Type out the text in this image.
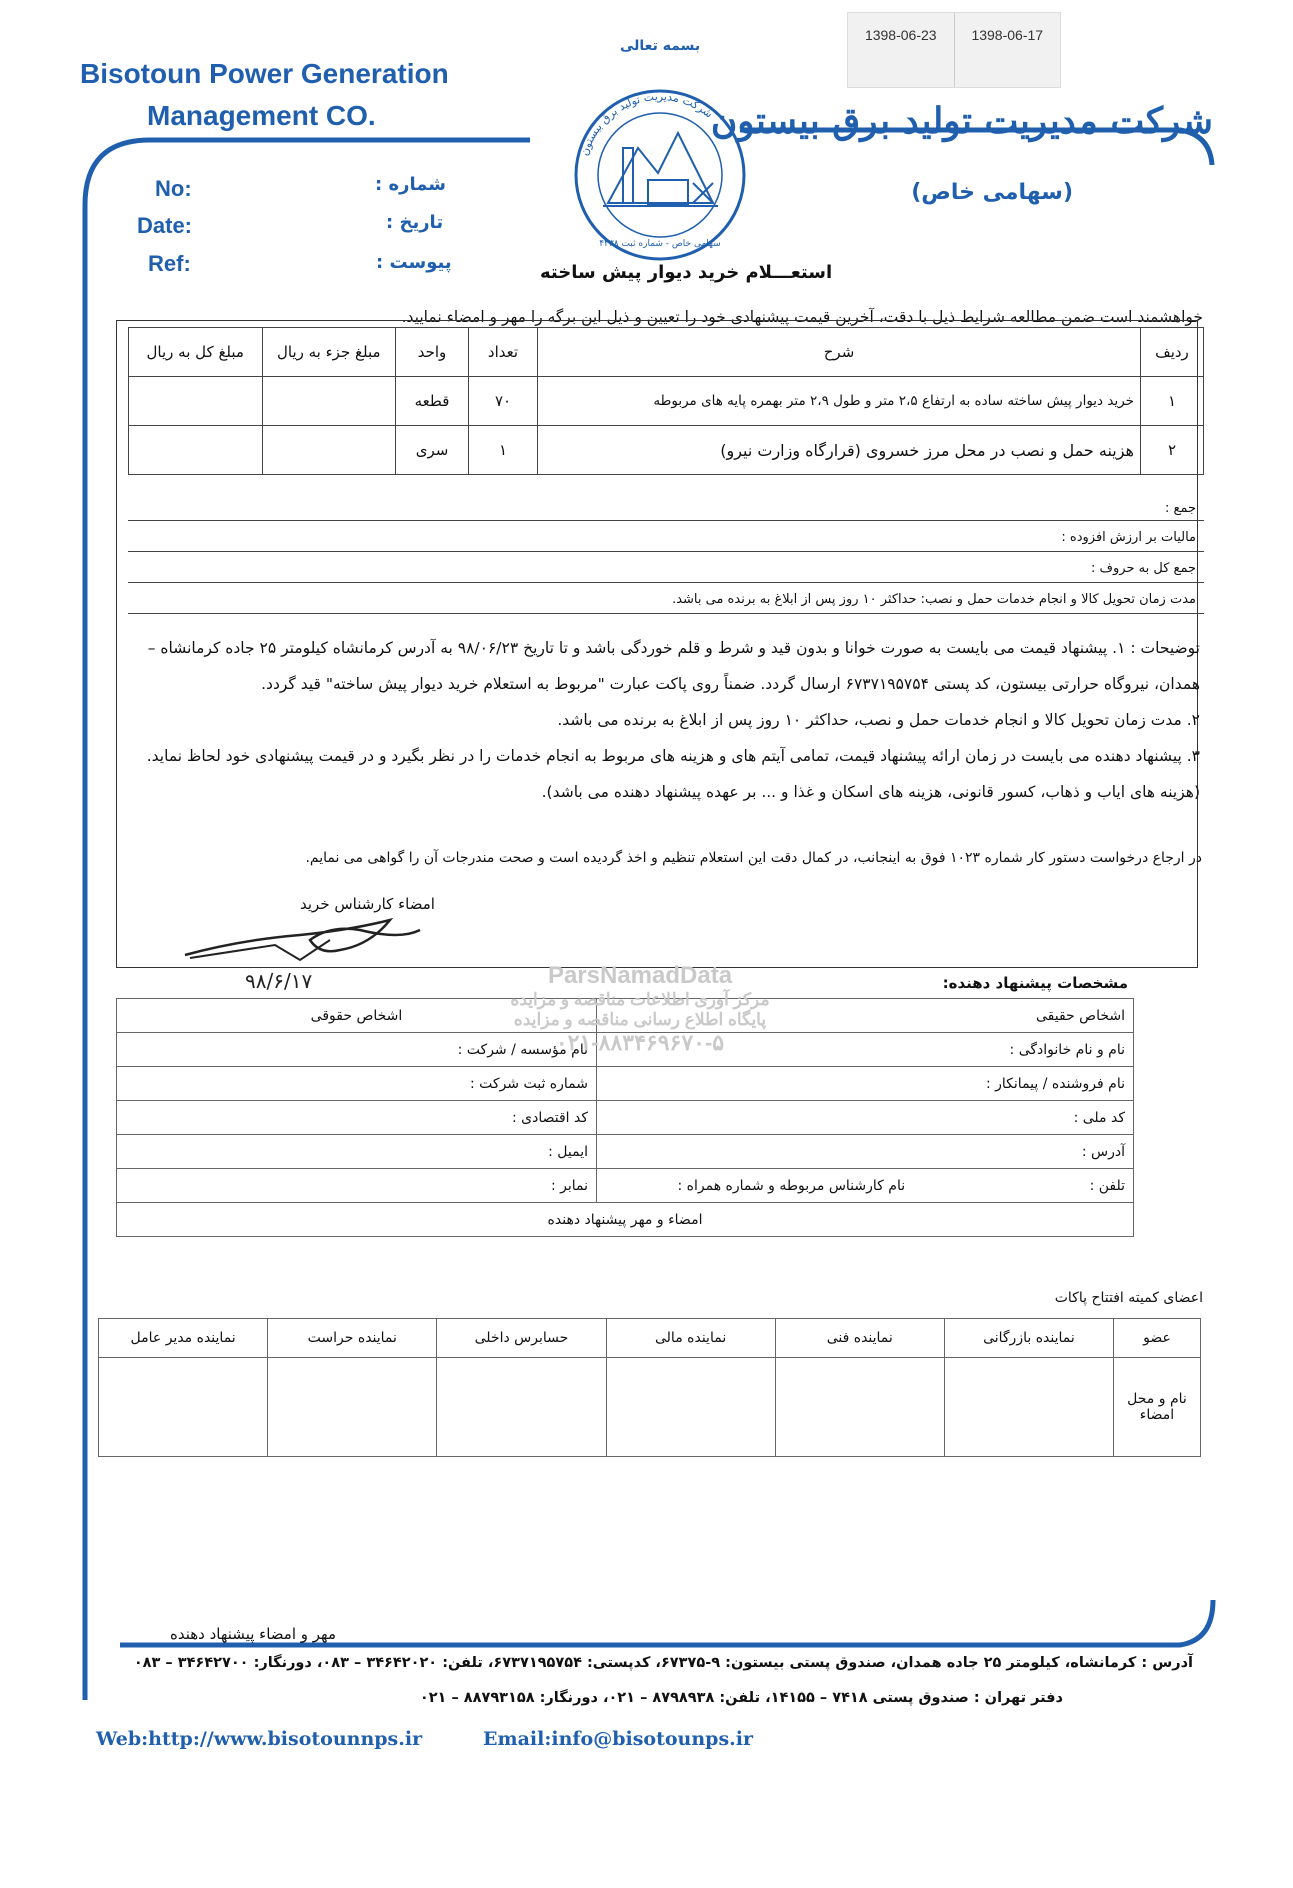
1398-06-23	1398-06-17
Bisotoun Power Generation
Management CO.
بسمه تعالی
شرکت مدیریت تولید برق بیستون
(سهامی خاص)
No:
Date:
Ref:
شماره :
تاریخ :
پیوست :
شرکت مدیریت تولید برق بیستون
سهامی خاص - شماره ثبت ۴۲۳۸
استعـــلام خرید دیوار پیش ساخته
خواهشمند است ضمن مطالعه شرایط ذیل با دقت، آخرین قیمت پیشنهادی خود را تعیین و ذیل این برگه را مهر و امضاء نمایید.
ردیف	شرح	تعداد	واحد	مبلغ جزء به ریال	مبلغ کل به ریال
۱	خرید دیوار پیش ساخته ساده به ارتفاع ۲،۵ متر و طول ۲،۹ متر بهمره پایه های مربوطه	۷۰	قطعه		
۲	هزینه حمل و نصب در محل مرز خسروی (قرارگاه وزارت نیرو)	۱	سری		
جمع :
مالیات بر ارزش افزوده :
جمع کل به حروف :
مدت زمان تحویل کالا و انجام خدمات حمل و نصب: حداکثر ۱۰ روز پس از ابلاغ به برنده می باشد.

توضیحات : ۱. پیشنهاد قیمت می بایست به صورت خوانا و بدون قید و شرط و قلم خوردگی باشد و تا تاریخ ۹۸/۰۶/۲۳ به آدرس کرمانشاه کیلومتر ۲۵ جاده کرمانشاه – همدان، نیروگاه حرارتی بیستون، کد پستی ۶۷۳۷۱۹۵۷۵۴ ارسال گردد. ضمناً روی پاکت عبارت "مربوط به استعلام خرید دیوار پیش ساخته" قید گردد.

۲. مدت زمان تحویل کالا و انجام خدمات حمل و نصب، حداکثر ۱۰ روز پس از ابلاغ به برنده می باشد.

۳. پیشنهاد دهنده می بایست در زمان ارائه پیشنهاد قیمت، تمامی آیتم های و هزینه های مربوط به انجام خدمات را در نظر بگیرد و در قیمت پیشنهادی خود لحاظ نماید. (هزینه های ایاب و ذهاب، کسور قانونی، هزینه های اسکان و غذا و ... بر عهده پیشنهاد دهنده می باشد).

در ارجاع درخواست دستور کار شماره ۱۰۲۳ فوق به اینجانب، در کمال دقت این استعلام تنظیم و اخذ گردیده است و صحت مندرجات آن را گواهی می نمایم.
امضاء کارشناس خرید
۹۸/۶/۱۷	مشخصات پیشنهاد دهنده:
اشخاص حقیقی	اشخاص حقوقی
نام و نام خانوادگی :	نام مؤسسه / شرکت :
نام فروشنده / پیمانکار :	شماره ثبت شرکت :
کد ملی :	کد اقتصادی :
آدرس :	ایمیل :
تلفن : نام کارشناس مربوطه و شماره همراه :	نمابر :
امضاء و مهر پیشنهاد دهنده	
ParsNamadData
مرکز آوری اطلاعات مناقصه و مزایده
پایگاه اطلاع رسانی مناقصه و مزایده
۰۲۱-۸۸۳۴۶۹۶۷۰-۵
اعضای کمیته افتتاح پاکات
عضو	نماینده بازرگانی	نماینده فنی	نماینده مالی	حسابرس داخلی	نماینده حراست	نماینده مدیر عامل
نام و محل امضاء						
مهر و امضاء پیشنهاد دهنده
آدرس : کرمانشاه، کیلومتر ۲۵ جاده همدان، صندوق پستی بیستون: ۹-۶۷۳۷۵، کدپستی: ۶۷۳۷۱۹۵۷۵۴، تلفن: ۳۴۶۴۲۰۲۰ – ۰۸۳، دورنگار: ۳۴۶۴۲۷۰۰ – ۰۸۳
دفتر تهران : صندوق پستی ۷۴۱۸ – ۱۴۱۵۵، تلفن: ۸۷۹۸۹۳۸ – ۰۲۱، دورنگار: ۸۸۷۹۳۱۵۸ – ۰۲۱
Web:http://www.bisotounnps.ir	Email:info@bisotounps.ir
